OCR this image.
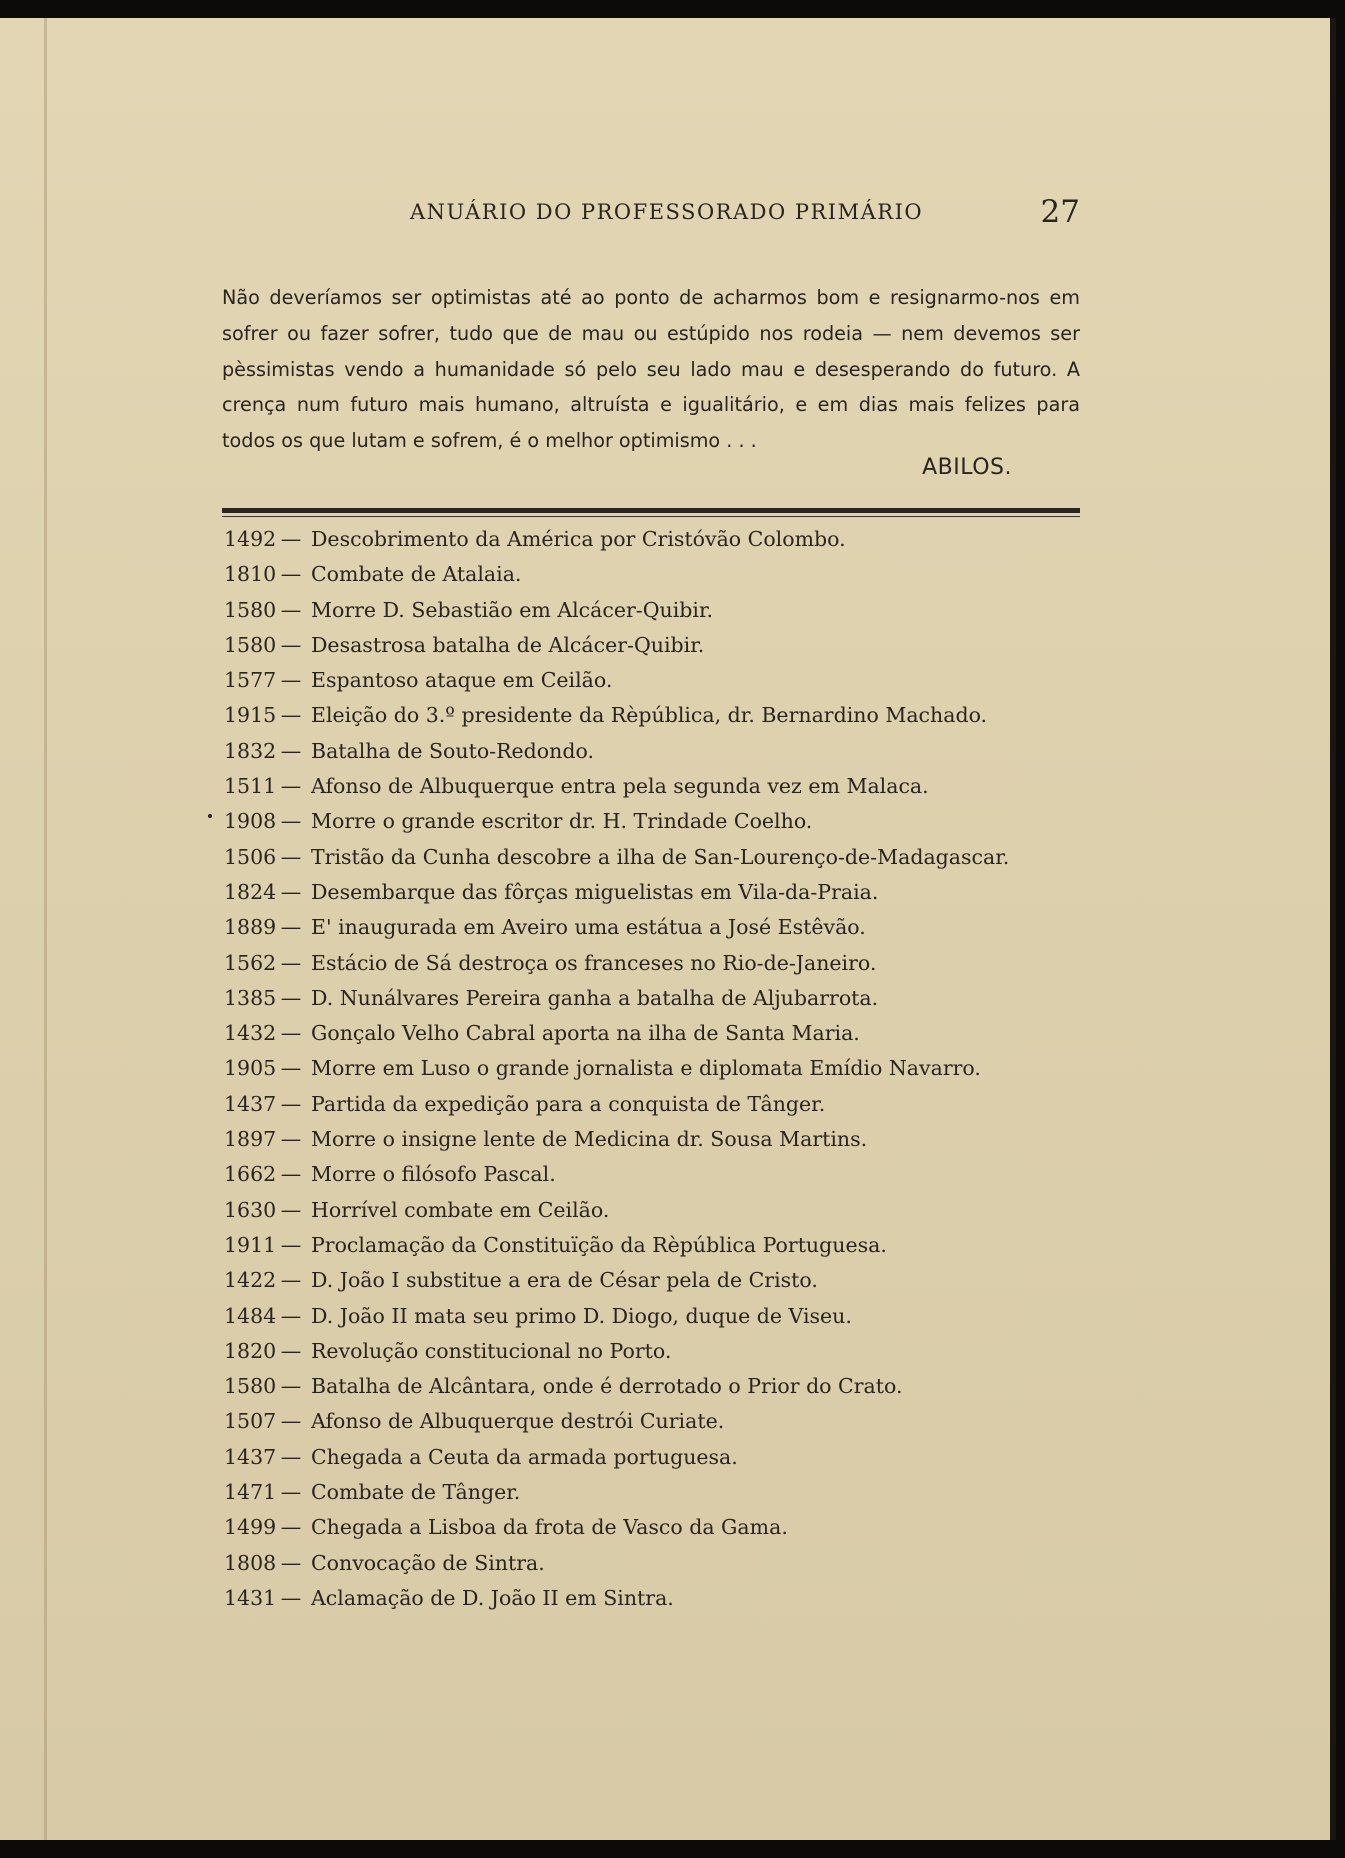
ANUÁRIO DO PROFESSORADO PRIMÁRIO	27

Não deveríamos ser optimistas até ao ponto de acharmos bom e resignarmo-nos em sofrer ou fazer sofrer, tudo que de mau ou estúpido nos rodeia — nem devemos ser pèssimistas vendo a humanidade só pelo seu lado mau e desesperando do futuro. A crença num futuro mais humano, altruísta e igualitário, e em dias mais felizes para todos os que lutam e sofrem, é o melhor optimismo . . .

ABILOS.
1492 — Descobrimento da América por Cristóvão Colombo.
1810 — Combate de Atalaia.
1580 — Morre D. Sebastião em Alcácer-Quibir.
1580 — Desastrosa batalha de Alcácer-Quibir.
1577 — Espantoso ataque em Ceilão.
1915 — Eleição do 3.º presidente da Rèpública, dr. Bernardino Machado.
1832 — Batalha de Souto-Redondo.
1511 — Afonso de Albuquerque entra pela segunda vez em Malaca.
1908 — Morre o grande escritor dr. H. Trindade Coelho.
1506 — Tristão da Cunha descobre a ilha de San-Lourenço-de-Madagascar.
1824 — Desembarque das fôrças miguelistas em Vila-da-Praia.
1889 — E' inaugurada em Aveiro uma estátua a José Estêvão.
1562 — Estácio de Sá destroça os franceses no Rio-de-Janeiro.
1385 — D. Nunálvares Pereira ganha a batalha de Aljubarrota.
1432 — Gonçalo Velho Cabral aporta na ilha de Santa Maria.
1905 — Morre em Luso o grande jornalista e diplomata Emídio Navarro.
1437 — Partida da expedição para a conquista de Tânger.
1897 — Morre o insigne lente de Medicina dr. Sousa Martins.
1662 — Morre o filósofo Pascal.
1630 — Horrível combate em Ceilão.
1911 — Proclamação da Constituïção da Rèpública Portuguesa.
1422 — D. João I substitue a era de César pela de Cristo.
1484 — D. João II mata seu primo D. Diogo, duque de Viseu.
1820 — Revolução constitucional no Porto.
1580 — Batalha de Alcântara, onde é derrotado o Prior do Crato.
1507 — Afonso de Albuquerque destrói Curiate.
1437 — Chegada a Ceuta da armada portuguesa.
1471 — Combate de Tânger.
1499 — Chegada a Lisboa da frota de Vasco da Gama.
1808 — Convocação de Sintra.
1431 — Aclamação de D. João II em Sintra.
